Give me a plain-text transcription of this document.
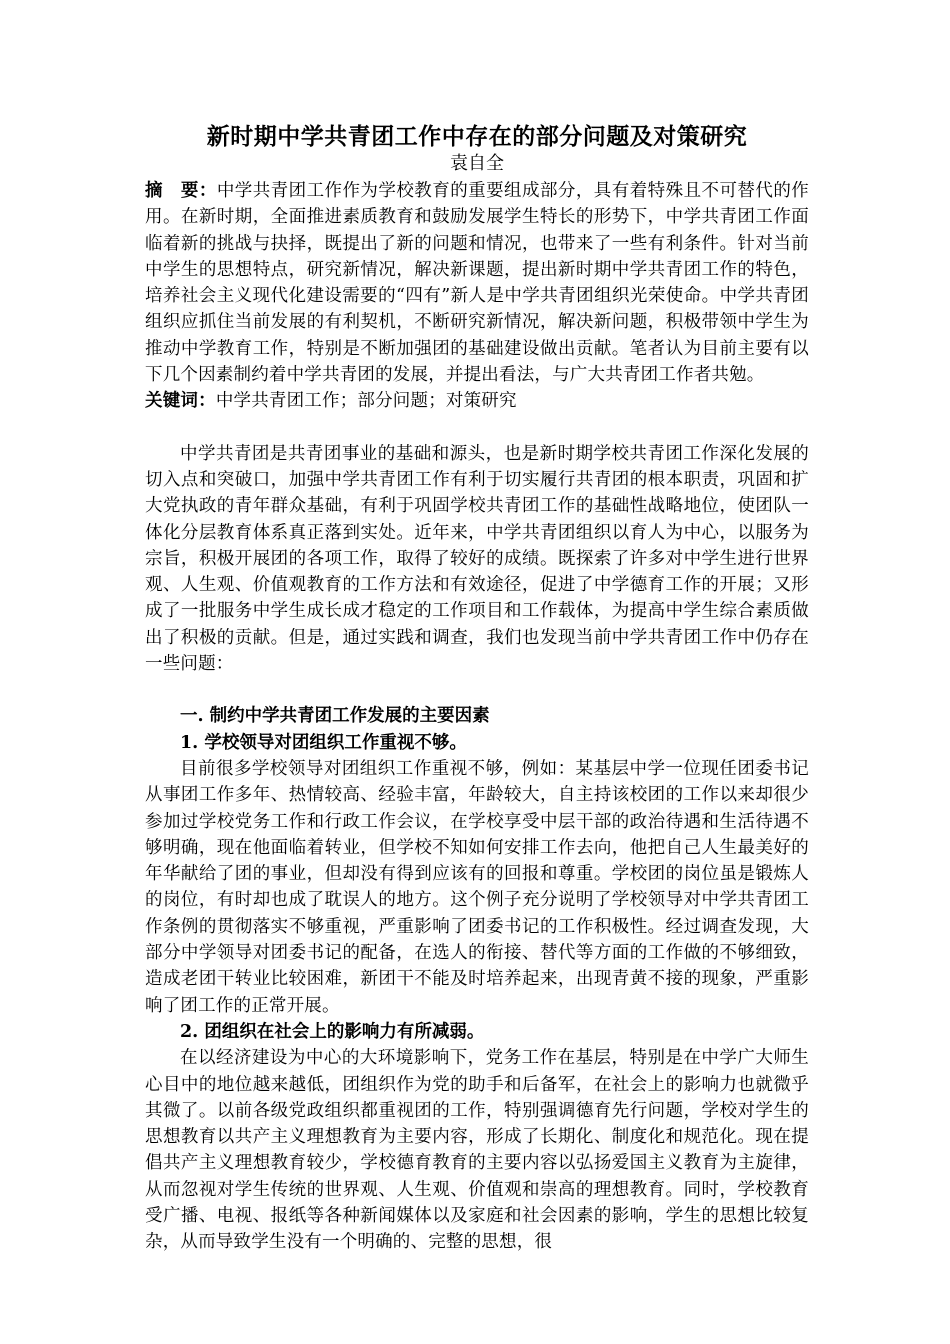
新时期中学共青团工作中存在的部分问题及对策研究

袁自全

摘　要：中学共青团工作作为学校教育的重要组成部分，具有着特殊且不可替代的作用。在新时期，全面推进素质教育和鼓励发展学生特长的形势下，中学共青团工作面临着新的挑战与抉择，既提出了新的问题和情况，也带来了一些有利条件。针对当前中学生的思想特点，研究新情况，解决新课题，提出新时期中学共青团工作的特色，培养社会主义现代化建设需要的“四有”新人是中学共青团组织光荣使命。中学共青团组织应抓住当前发展的有利契机，不断研究新情况，解决新问题，积极带领中学生为推动中学教育工作，特别是不断加强团的基础建设做出贡献。笔者认为目前主要有以下几个因素制约着中学共青团的发展，并提出看法，与广大共青团工作者共勉。

关键词：中学共青团工作；部分问题；对策研究

中学共青团是共青团事业的基础和源头，也是新时期学校共青团工作深化发展的切入点和突破口，加强中学共青团工作有利于切实履行共青团的根本职责，巩固和扩大党执政的青年群众基础，有利于巩固学校共青团工作的基础性战略地位，使团队一体化分层教育体系真正落到实处。近年来，中学共青团组织以育人为中心，以服务为宗旨，积极开展团的各项工作，取得了较好的成绩。既探索了许多对中学生进行世界观、人生观、价值观教育的工作方法和有效途径，促进了中学德育工作的开展；又形成了一批服务中学生成长成才稳定的工作项目和工作载体，为提高中学生综合素质做出了积极的贡献。但是，通过实践和调查，我们也发现当前中学共青团工作中仍存在一些问题：

一. 制约中学共青团工作发展的主要因素

1. 学校领导对团组织工作重视不够。

目前很多学校领导对团组织工作重视不够，例如：某基层中学一位现任团委书记从事团工作多年、热情较高、经验丰富，年龄较大，自主持该校团的工作以来却很少参加过学校党务工作和行政工作会议，在学校享受中层干部的政治待遇和生活待遇不够明确，现在他面临着转业，但学校不知如何安排工作去向，他把自己人生最美好的年华献给了团的事业，但却没有得到应该有的回报和尊重。学校团的岗位虽是锻炼人的岗位，有时却也成了耽误人的地方。这个例子充分说明了学校领导对中学共青团工作条例的贯彻落实不够重视，严重影响了团委书记的工作积极性。经过调查发现，大部分中学领导对团委书记的配备，在选人的衔接、替代等方面的工作做的不够细致，造成老团干转业比较困难，新团干不能及时培养起来，出现青黄不接的现象，严重影响了团工作的正常开展。

2. 团组织在社会上的影响力有所减弱。

在以经济建设为中心的大环境影响下，党务工作在基层，特别是在中学广大师生心目中的地位越来越低，团组织作为党的助手和后备军，在社会上的影响力也就微乎其微了。以前各级党政组织都重视团的工作，特别强调德育先行问题，学校对学生的思想教育以共产主义理想教育为主要内容，形成了长期化、制度化和规范化。现在提倡共产主义理想教育较少，学校德育教育的主要内容以弘扬爱国主义教育为主旋律，从而忽视对学生传统的世界观、人生观、价值观和崇高的理想教育。同时，学校教育受广播、电视、报纸等各种新闻媒体以及家庭和社会因素的影响，学生的思想比较复杂，从而导致学生没有一个明确的、完整的思想，很
